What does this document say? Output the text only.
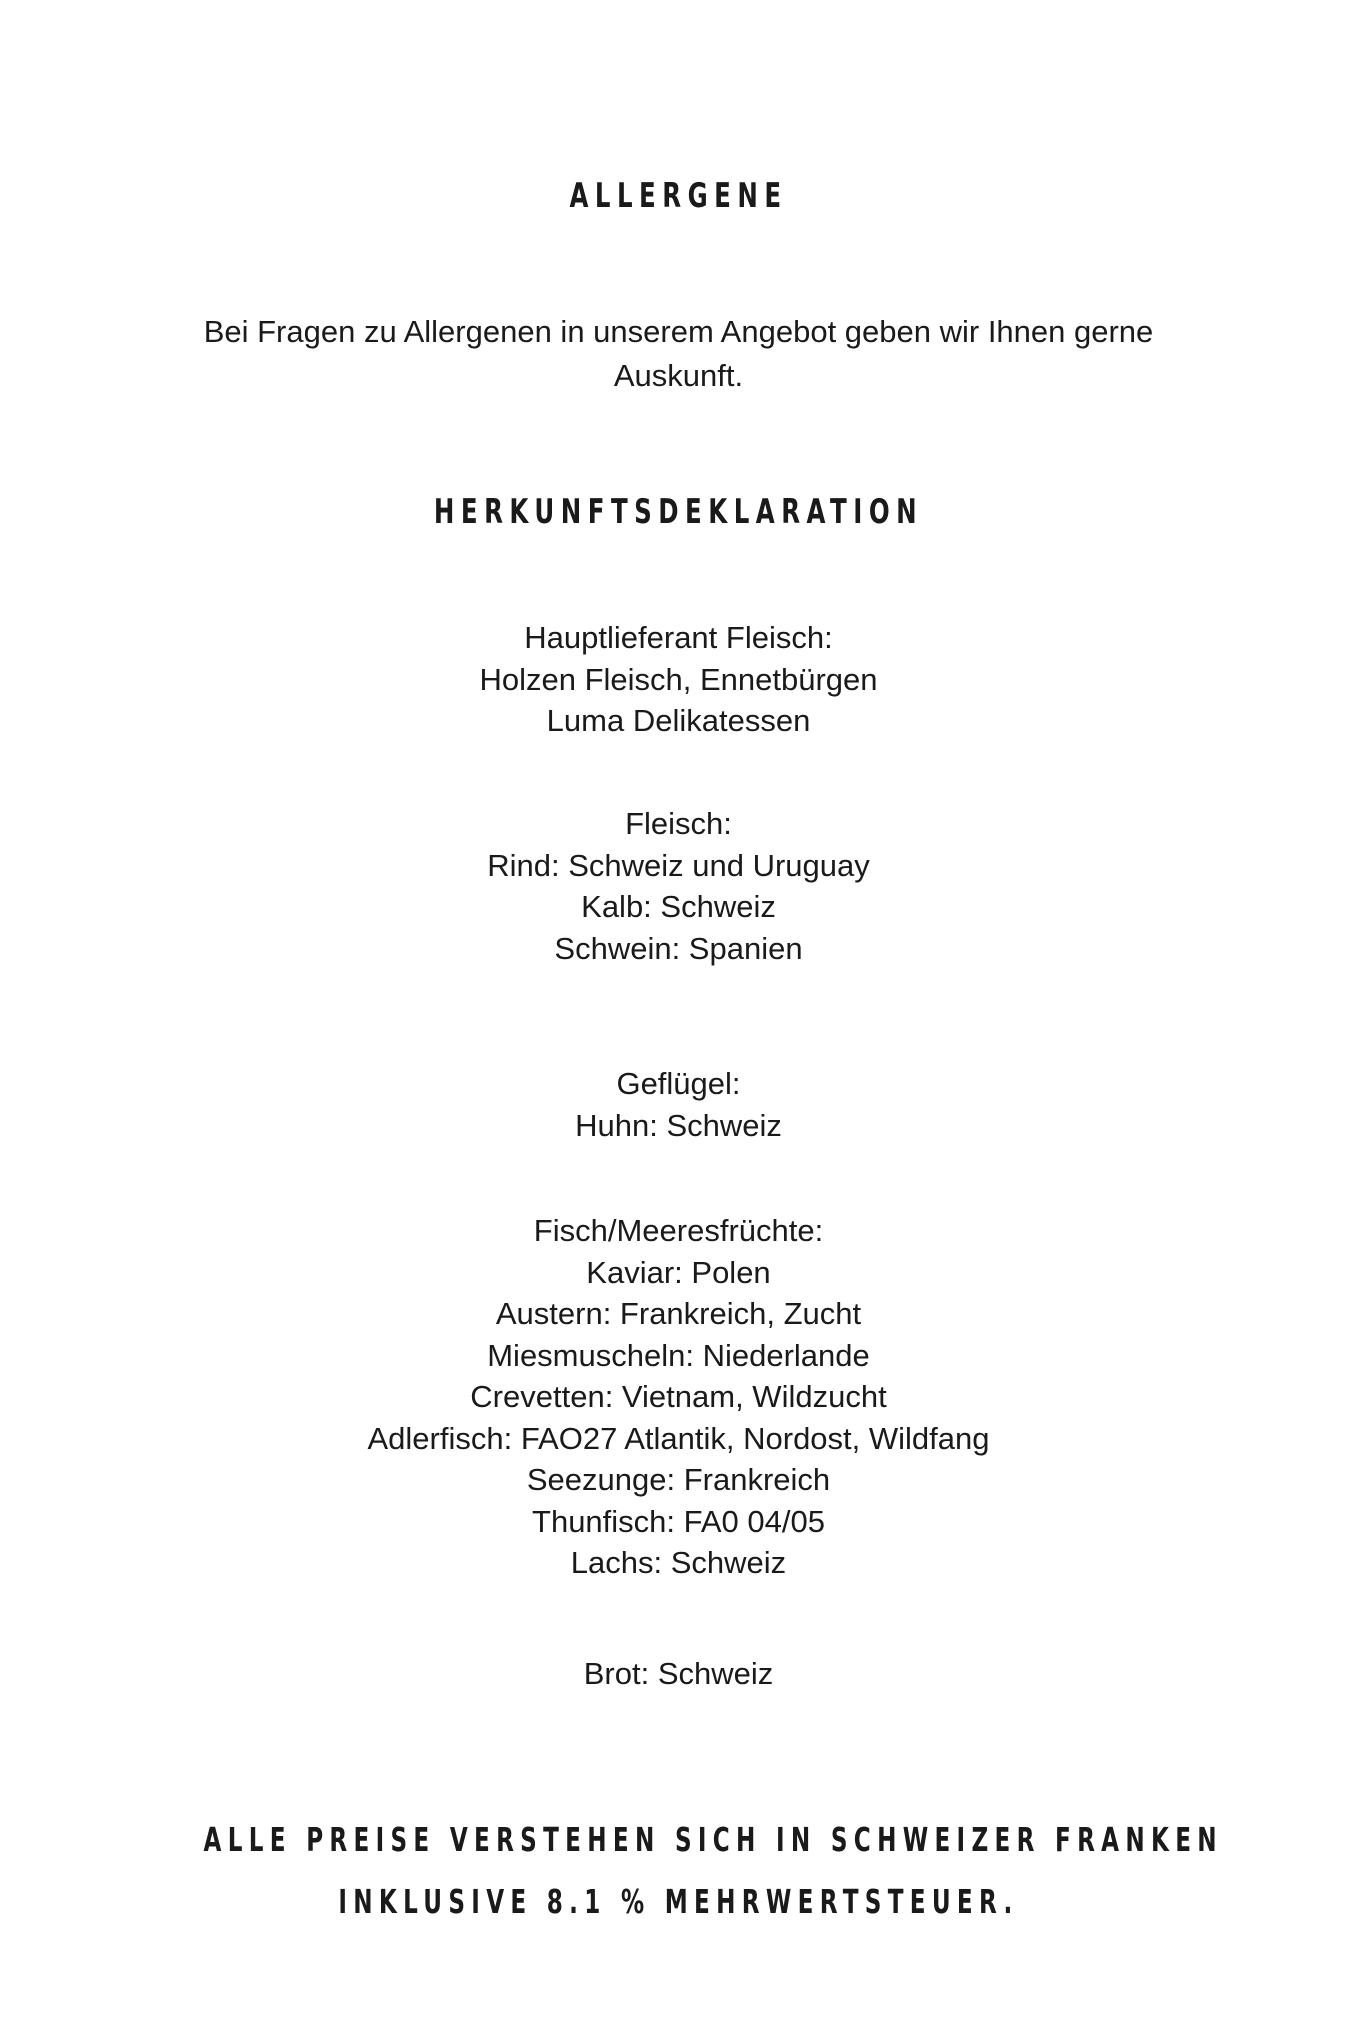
ALLERGENE

Bei Fragen zu Allergenen in unserem Angebot geben wir Ihnen gerne Auskunft.

HERKUNFTSDEKLARATION
Hauptlieferant Fleisch:
Holzen Fleisch, Ennetbürgen
Luma Delikatessen
Fleisch:
Rind: Schweiz und Uruguay
Kalb: Schweiz
Schwein: Spanien
Geflügel:
Huhn: Schweiz
Fisch/Meeresfrüchte:
Kaviar: Polen
Austern: Frankreich, Zucht
Miesmuscheln: Niederlande
Crevetten: Vietnam, Wildzucht
Adlerfisch: FAO27 Atlantik, Nordost, Wildfang
Seezunge: Frankreich
Thunfisch: FA0 04/05
Lachs: Schweiz
Brot: Schweiz

ALLE PREISE VERSTEHEN SICH IN SCHWEIZER FRANKEN

INKLUSIVE 8.1 % MEHRWERTSTEUER.
